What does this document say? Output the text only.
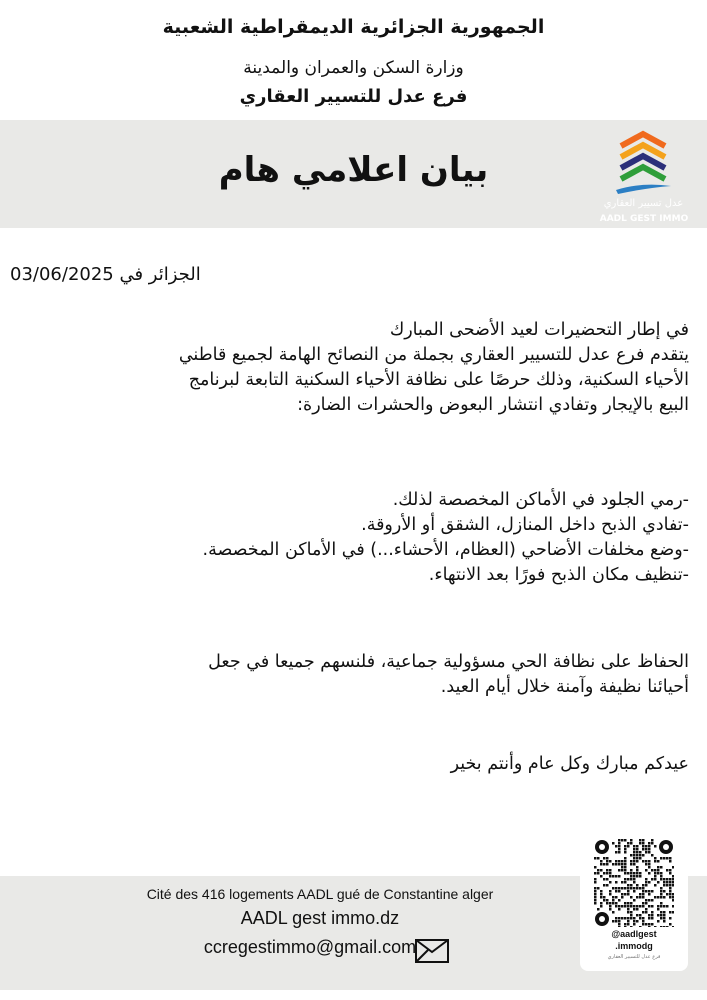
الجمهورية الجزائرية الديمقراطية الشعبية
وزارة السكن والعمران والمدينة
فرع عدل للتسيير العقاري
بيان اعلامي هام
عدل تسيير العقاري
AADL GEST IMMO
الجزائر في 03/06/2025
في إطار التحضيرات لعيد الأضحى المبارك
يتقدم فرع عدل للتسيير العقاري بجملة من النصائح الهامة لجميع قاطني
الأحياء السكنية، وذلك حرصًا على نظافة الأحياء السكنية التابعة لبرنامج
البيع بالإيجار وتفادي انتشار البعوض والحشرات الضارة:
-رمي الجلود في الأماكن المخصصة لذلك.
-تفادي الذبح داخل المنازل، الشقق أو الأروقة.
-وضع مخلفات الأضاحي (العظام، الأحشاء...) في الأماكن المخصصة.
-تنظيف مكان الذبح فورًا بعد الانتهاء.
الحفاظ على نظافة الحي مسؤولية جماعية، فلنسهم جميعا في جعل
أحيائنا نظيفة وآمنة خلال أيام العيد.
عيدكم مبارك وكل عام وأنتم بخير
Cité des 416 logements AADL gué de Constantine alger
AADL gest immo.dz
ccregestimmo@gmail.com
@aadlgest
.immodg
فرع عدل للتسيير العقاري
